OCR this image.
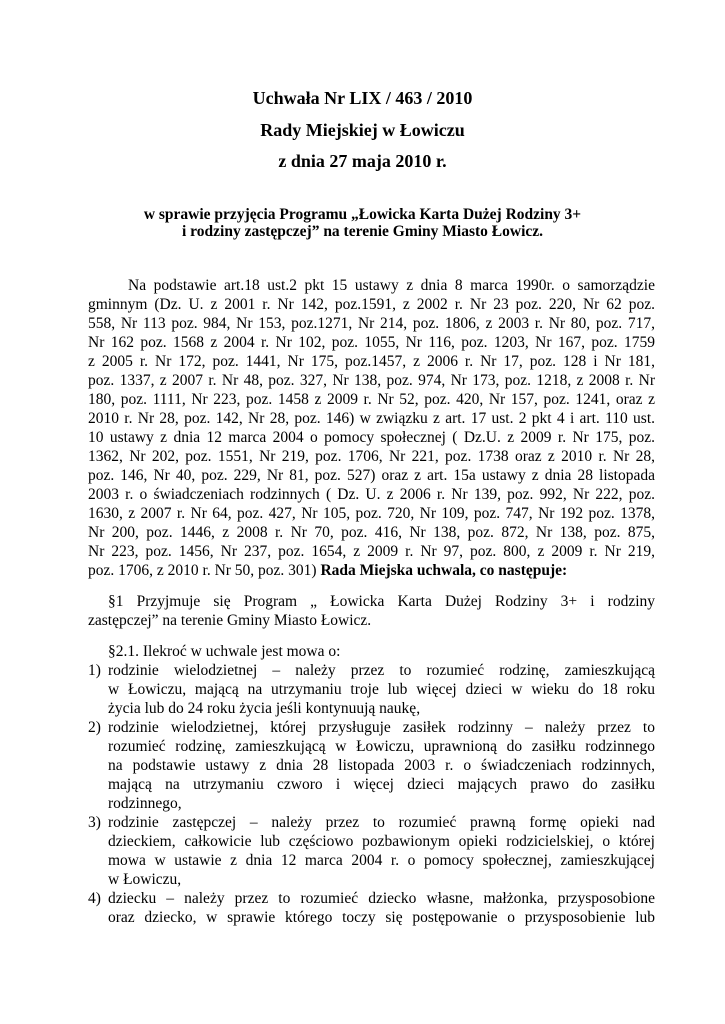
Uchwała Nr LIX / 463 / 2010
Rady Miejskiej w Łowiczu
z dnia 27 maja 2010 r.
w sprawie przyjęcia Programu „Łowicka Karta Dużej Rodziny 3+
i rodziny zastępczej” na terenie Gminy Miasto Łowicz.
Na podstawie art.18 ust.2 pkt 15 ustawy z dnia 8 marca 1990r. o samorządzie
gminnym (Dz. U. z 2001 r. Nr 142, poz.1591, z 2002 r. Nr 23 poz. 220, Nr 62 poz.
558, Nr 113 poz. 984, Nr 153, poz.1271, Nr 214, poz. 1806, z 2003 r. Nr 80, poz. 717,
Nr 162 poz. 1568 z 2004 r. Nr 102, poz. 1055, Nr 116, poz. 1203, Nr 167, poz. 1759
z 2005 r. Nr 172, poz. 1441, Nr 175, poz.1457, z 2006 r. Nr 17, poz. 128 i Nr 181,
poz. 1337, z 2007 r. Nr 48, poz. 327, Nr 138, poz. 974, Nr 173, poz. 1218, z 2008 r. Nr
180, poz. 1111, Nr 223, poz. 1458 z 2009 r. Nr 52, poz. 420, Nr 157, poz. 1241, oraz z
2010 r. Nr 28, poz. 142, Nr 28, poz. 146) w związku z art. 17 ust. 2 pkt 4 i art. 110 ust.
10 ustawy z dnia 12 marca 2004 o pomocy społecznej ( Dz.U. z 2009 r. Nr 175, poz.
1362, Nr 202, poz. 1551, Nr 219, poz. 1706, Nr 221, poz. 1738 oraz z 2010 r. Nr 28,
poz. 146, Nr 40, poz. 229, Nr 81, poz. 527) oraz z art. 15a ustawy z dnia 28 listopada
2003 r. o świadczeniach rodzinnych ( Dz. U. z 2006 r. Nr 139, poz. 992, Nr 222, poz.
1630, z 2007 r. Nr 64, poz. 427, Nr 105, poz. 720, Nr 109, poz. 747, Nr 192 poz. 1378,
Nr 200, poz. 1446, z 2008 r. Nr 70, poz. 416, Nr 138, poz. 872, Nr 138, poz. 875,
Nr 223, poz. 1456, Nr 237, poz. 1654, z 2009 r. Nr 97, poz. 800, z 2009 r. Nr 219,
poz. 1706, z 2010 r. Nr 50, poz. 301) Rada Miejska uchwala, co następuje:
§1 Przyjmuje się Program „ Łowicka Karta Dużej Rodziny 3+ i rodziny
zastępczej” na terenie Gminy Miasto Łowicz.
§2.1. Ilekroć w uchwale jest mowa o:
1) rodzinie wielodzietnej – należy przez to rozumieć rodzinę, zamieszkującą
w Łowiczu, mającą na utrzymaniu troje lub więcej dzieci w wieku do 18 roku
życia lub do 24 roku życia jeśli kontynuują naukę,
2) rodzinie wielodzietnej, której przysługuje zasiłek rodzinny – należy przez to
rozumieć rodzinę, zamieszkującą w Łowiczu, uprawnioną do zasiłku rodzinnego
na podstawie ustawy z dnia 28 listopada 2003 r. o świadczeniach rodzinnych,
mającą na utrzymaniu czworo i więcej dzieci mających prawo do zasiłku
rodzinnego,
3) rodzinie zastępczej – należy przez to rozumieć prawną formę opieki nad
dzieckiem, całkowicie lub częściowo pozbawionym opieki rodzicielskiej, o której
mowa w ustawie z dnia 12 marca 2004 r. o pomocy społecznej, zamieszkującej
w Łowiczu,
4) dziecku – należy przez to rozumieć dziecko własne, małżonka, przysposobione
oraz dziecko, w sprawie którego toczy się postępowanie o przysposobienie lub
